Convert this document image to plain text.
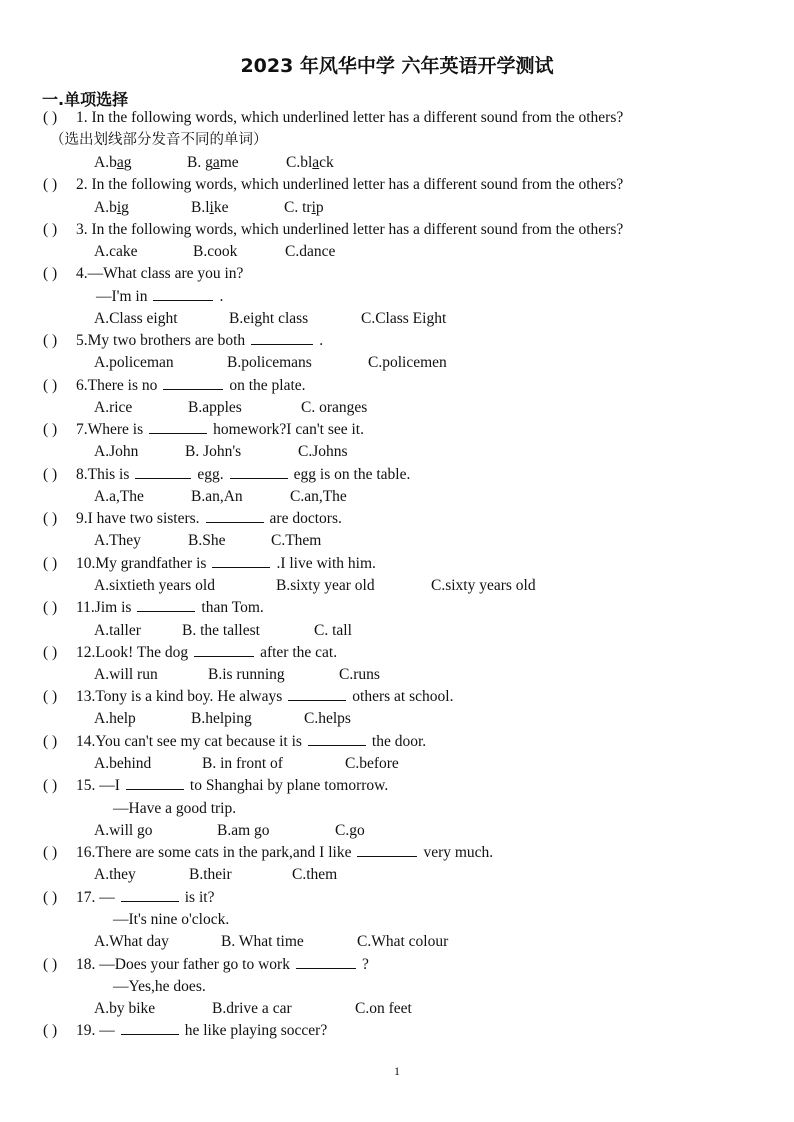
2023 年风华中学 六年英语开学测试
一.单项选择
( ) 1. In the following words, which underlined letter has a different sound from the others?
（选出划线部分发音不同的单词）
A.bag	B. game	C.black
( ) 2. In the following words, which underlined letter has a different sound from the others?
A.big	B.like	C. trip
( ) 3. In the following words, which underlined letter has a different sound from the others?
A.cake	B.cook	C.dance
( ) 4.—What class are you in?
—I'm in	.
A.Class eight	B.eight class	C.Class Eight
( ) 5.My two brothers are both	.
A.policeman	B.policemans	C.policemen
( ) 6.There is no	on the plate.
A.rice	B.apples	C. oranges
( ) 7.Where is	homework?I can't see it.
A.John	B. John's	C.Johns
( ) 8.This is	egg.	egg is on the table.
A.a,The	B.an,An	C.an,The
( ) 9.I have two sisters.	are doctors.
A.They	B.She	C.Them
( ) 10.My grandfather is	.I live with him.
A.sixtieth years old	B.sixty year old	C.sixty years old
( ) 11.Jim is	than Tom.
A.taller	B. the tallest	C. tall
( ) 12.Look! The dog	after the cat.
A.will run	B.is running	C.runs
( ) 13.Tony is a kind boy. He always	others at school.
A.help	B.helping	C.helps
( ) 14.You can't see my cat because it is	the door.
A.behind	B. in front of	C.before
( ) 15. —I	to Shanghai by plane tomorrow.
—Have a good trip.
A.will go	B.am go	C.go
( ) 16.There are some cats in the park,and I like	very much.
A.they	B.their	C.them
( ) 17. —	is it?
—It's nine o'clock.
A.What day	B. What time	C.What colour
( ) 18. —Does your father go to work	?
—Yes,he does.
A.by bike	B.drive a car	C.on feet
( ) 19. —	he like playing soccer?
1
